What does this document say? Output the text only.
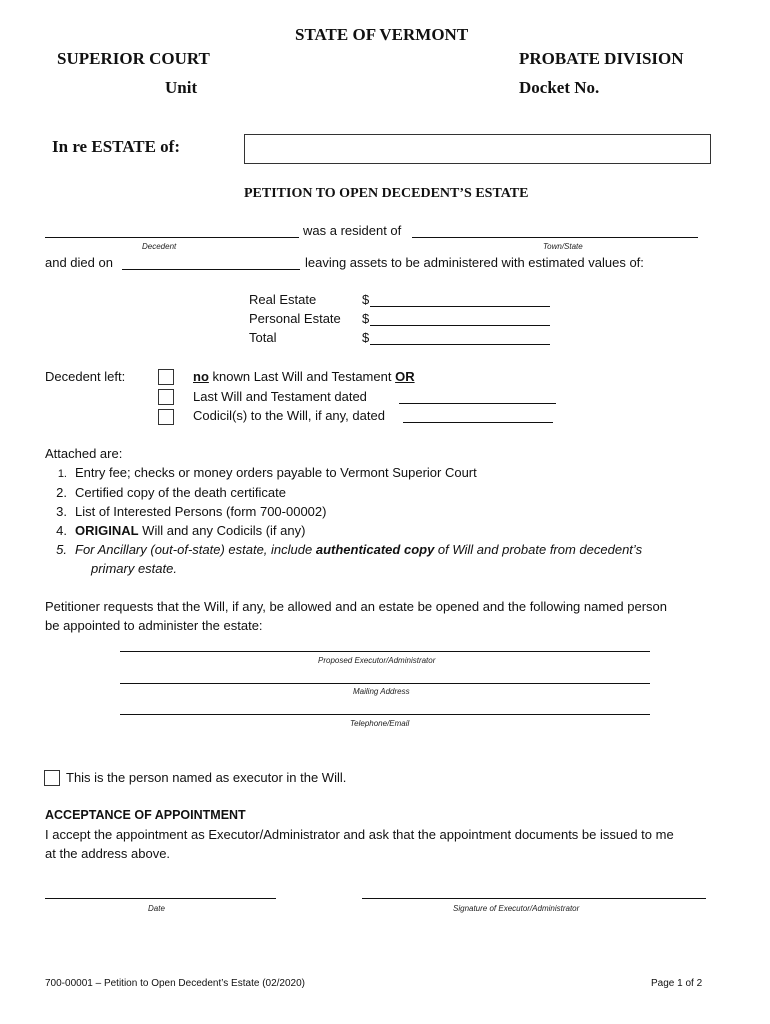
STATE OF VERMONT
SUPERIOR COURT	PROBATE DIVISION
Unit	Docket No.
In re ESTATE of:
PETITION TO OPEN DECEDENT’S ESTATE
was a resident of
Decedent	Town/State
and died on	leaving assets to be administered with estimated values of:
Real Estate	$
Personal Estate $
Total	$
Decedent left:	no known Last Will and Testament OR
Last Will and Testament dated
Codicil(s) to the Will, if any, dated
Attached are:
1. Entry fee; checks or money orders payable to Vermont Superior Court
2. Certified copy of the death certificate
3. List of Interested Persons (form 700-00002)
4. ORIGINAL Will and any Codicils (if any)
5. For Ancillary (out-of-state) estate, include authenticated copy of Will and probate from decedent’s
primary estate.
Petitioner requests that the Will, if any, be allowed and an estate be opened and the following named person
be appointed to administer the estate:
Proposed Executor/Administrator
Mailing Address
Telephone/Email
This is the person named as executor in the Will.
ACCEPTANCE OF APPOINTMENT
I accept the appointment as Executor/Administrator and ask that the appointment documents be issued to me
at the address above.
Date	Signature of Executor/Administrator
700-00001 – Petition to Open Decedent’s Estate (02/2020)	Page 1 of 2
